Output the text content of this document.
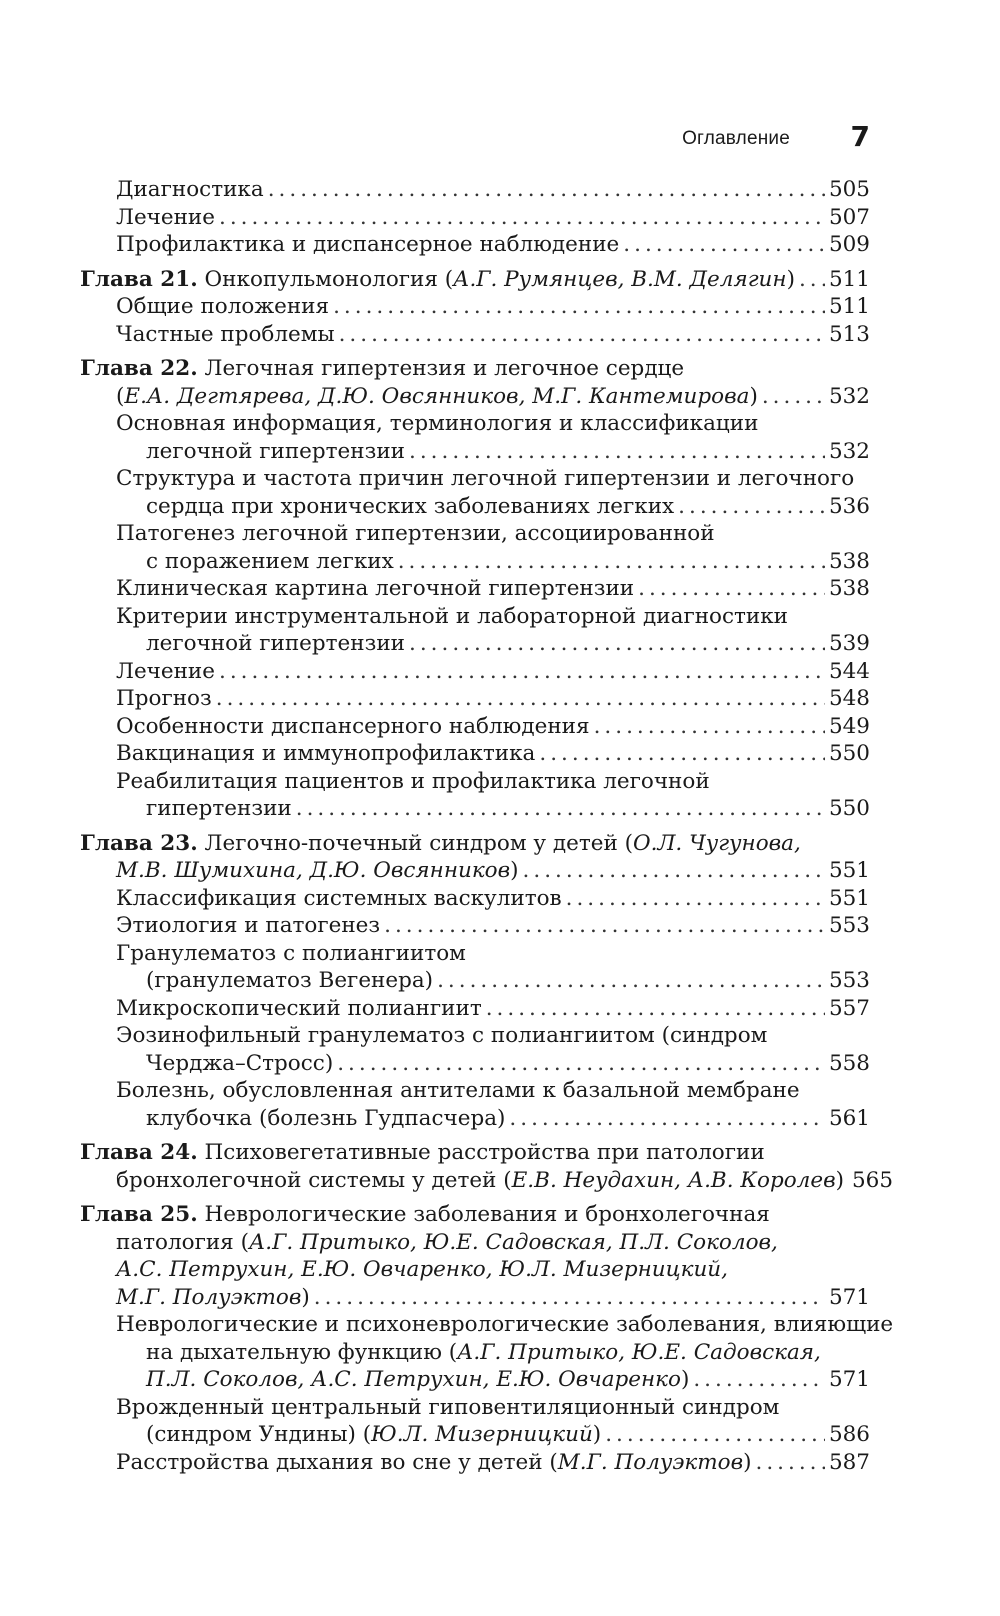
Оглавление 7
Диагностика .....	505
Лечение .....	507
Профилактика и диспансерное наблюдение .....	509
Глава 21. Онкопульмонология (А.Г. Румянцев, В.М. Делягин) ..... 511
Общие положения .....	511
Частные проблемы .....	513
Глава 22. Легочная гипертензия и легочное сердце
(Е.А. Дегтярева, Д.Ю. Овсянников, М.Г. Кантемирова) .....	532
Основная информация, терминология и классификации
легочной гипертензии .....	532
Структура и частота причин легочной гипертензии и легочного
сердца при хронических заболеваниях легких .....	536
Патогенез легочной гипертензии, ассоциированной
с поражением легких .....	538
Клиническая картина легочной гипертензии .....	538
Критерии инструментальной и лабораторной диагностики
легочной гипертензии .....	539
Лечение .....	544
Прогноз .....	548
Особенности диспансерного наблюдения .....	549
Вакцинация и иммунопрофилактика .....	550
Реабилитация пациентов и профилактика легочной
гипертензии .....	550
Глава 23. Легочно-почечный синдром у детей (О.Л. Чугунова,
М.В. Шумихина, Д.Ю. Овсянников) .....	551
Классификация системных васкулитов .....	551
Этиология и патогенез .....	553
Гранулематоз с полиангиитом
(гранулематоз Вегенера) .....	553
Микроскопический полиангиит .....	557
Эозинофильный гранулематоз с полиангиитом (синдром
Черджа–Стросс) .....	558
Болезнь, обусловленная антителами к базальной мембране
клубочка (болезнь Гудпасчера) .....	561
Глава 24. Психовегетативные расстройства при патологии
бронхолегочной системы у детей (Е.В. Неудахин, А.В. Королев) 565
Глава 25. Неврологические заболевания и бронхолегочная
патология (А.Г. Притыко, Ю.Е. Садовская, П.Л. Соколов,
А.С. Петрухин, Е.Ю. Овчаренко, Ю.Л. Мизерницкий,
М.Г. Полуэктов) .....	571
Неврологические и психоневрологические заболевания, влияющие
на дыхательную функцию (А.Г. Притыко, Ю.Е. Садовская,
П.Л. Соколов, А.С. Петрухин, Е.Ю. Овчаренко) .....	571
Врожденный центральный гиповентиляционный синдром
(синдром Ундины) (Ю.Л. Мизерницкий) .....	586
Расстройства дыхания во сне у детей (М.Г. Полуэктов) .....	587
